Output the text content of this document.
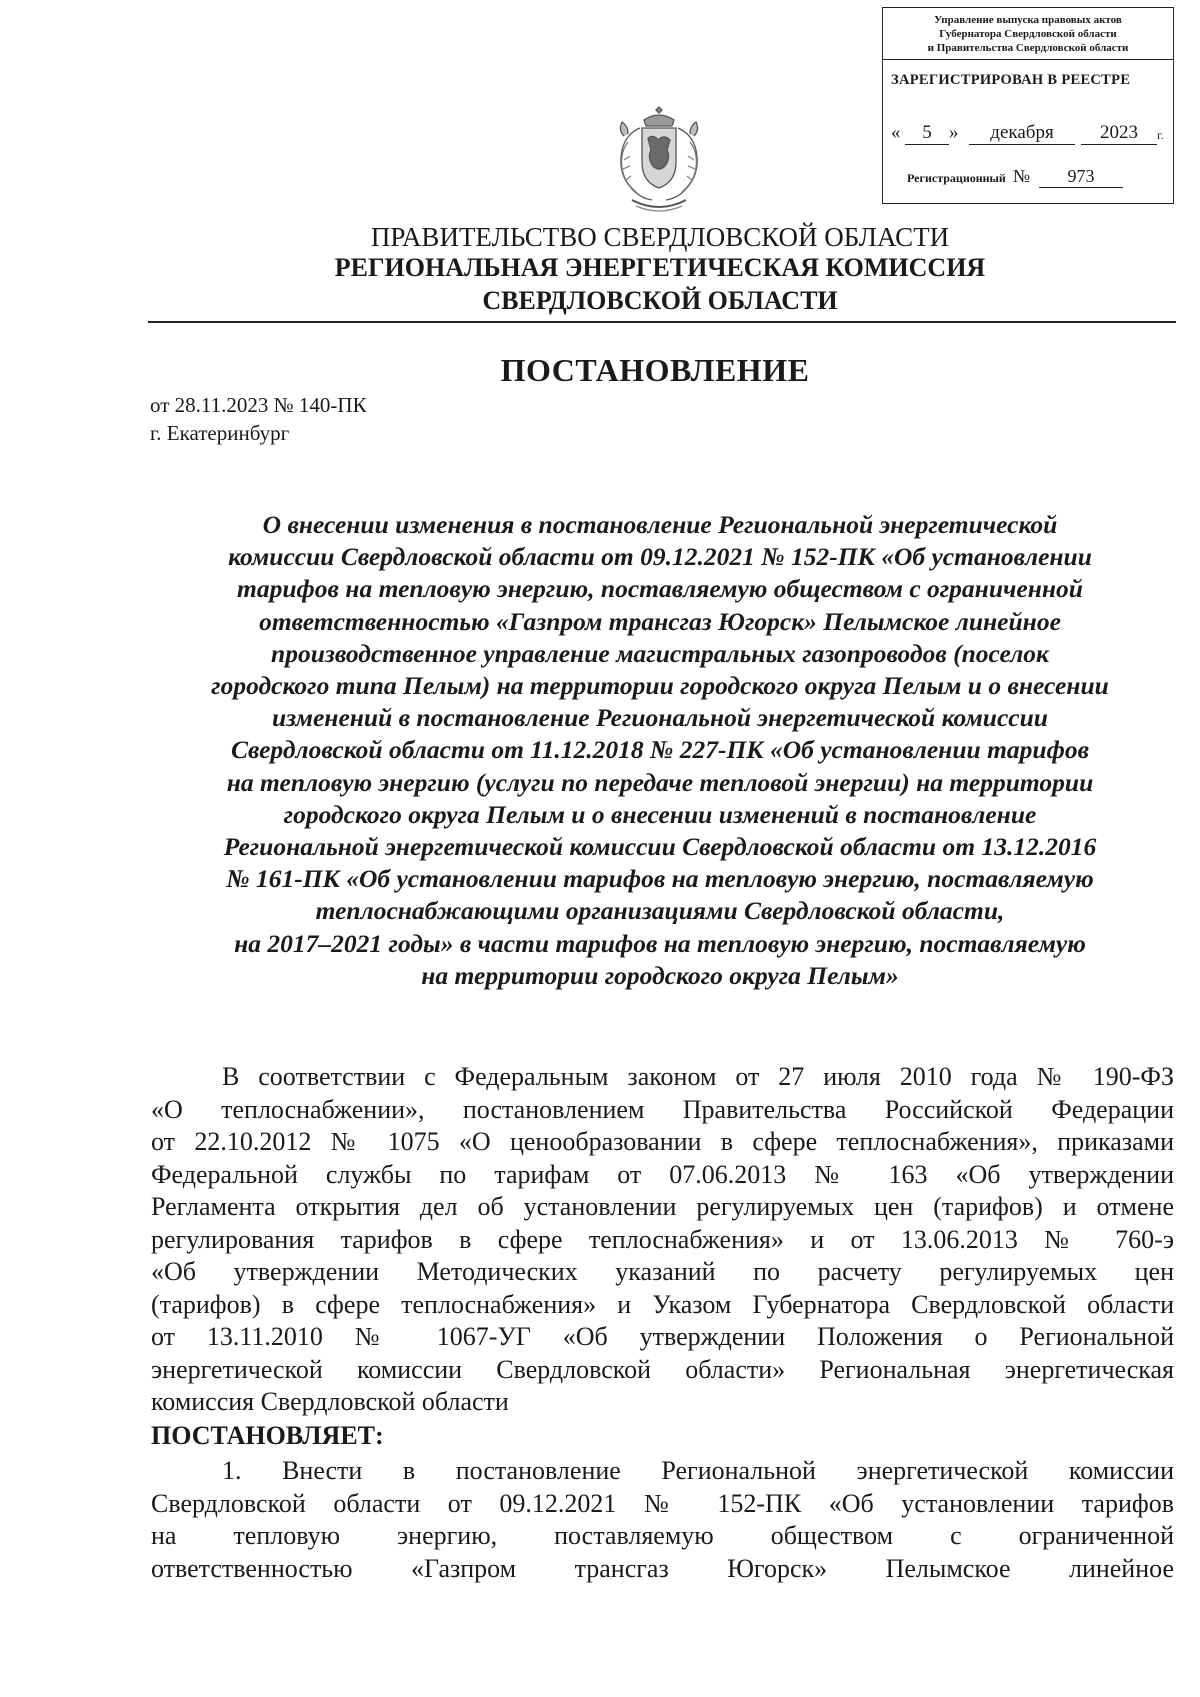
Управление выпуска правовых актов
Губернатора Свердловской области
и Правительства Свердловской области
ЗАРЕГИСТРИРОВАН В РЕЕСТРЕ
«	5 »	декабря	2023	г.
Регистрационный № 973
ПРАВИТЕЛЬСТВО СВЕРДЛОВСКОЙ ОБЛАСТИ
РЕГИОНАЛЬНАЯ ЭНЕРГЕТИЧЕСКАЯ КОМИССИЯ
СВЕРДЛОВСКОЙ ОБЛАСТИ
ПОСТАНОВЛЕНИЕ
от 28.11.2023 № 140-ПК
г. Екатеринбург
О внесении изменения в постановление Региональной энергетической
комиссии Свердловской области от 09.12.2021 № 152-ПК «Об установлении
тарифов на тепловую энергию, поставляемую обществом с ограниченной
ответственностью «Газпром трансгаз Югорск» Пелымское линейное
производственное управление магистральных газопроводов (поселок
городского типа Пелым) на территории городского округа Пелым и о внесении
изменений в постановление Региональной энергетической комиссии
Свердловской области от 11.12.2018 № 227-ПК «Об установлении тарифов
на тепловую энергию (услуги по передаче тепловой энергии) на территории
городского округа Пелым и о внесении изменений в постановление
Региональной энергетической комиссии Свердловской области от 13.12.2016
№ 161-ПК «Об установлении тарифов на тепловую энергию, поставляемую
теплоснабжающими организациями Свердловской области,
на 2017–2021 годы» в части тарифов на тепловую энергию, поставляемую
на территории городского округа Пелым»
В соответствии с Федеральным законом от 27 июля 2010 года № 190-ФЗ
«О теплоснабжении», постановлением Правительства Российской Федерации
от 22.10.2012 № 1075 «О ценообразовании в сфере теплоснабжения», приказами
Федеральной службы по тарифам от 07.06.2013 № 163 «Об утверждении
Регламента открытия дел об установлении регулируемых цен (тарифов) и отмене
регулирования тарифов в сфере теплоснабжения» и от 13.06.2013 № 760-э
«Об утверждении Методических указаний по расчету регулируемых цен
(тарифов) в сфере теплоснабжения» и Указом Губернатора Свердловской области
от 13.11.2010 № 1067-УГ «Об утверждении Положения о Региональной
энергетической комиссии Свердловской области» Региональная энергетическая
комиссия Свердловской области
ПОСТАНОВЛЯЕТ:
1. Внести в постановление Региональной энергетической комиссии
Свердловской области от 09.12.2021 № 152-ПК «Об установлении тарифов
на тепловую энергию, поставляемую обществом с ограниченной
ответственностью «Газпром трансгаз Югорск» Пелымское линейное
